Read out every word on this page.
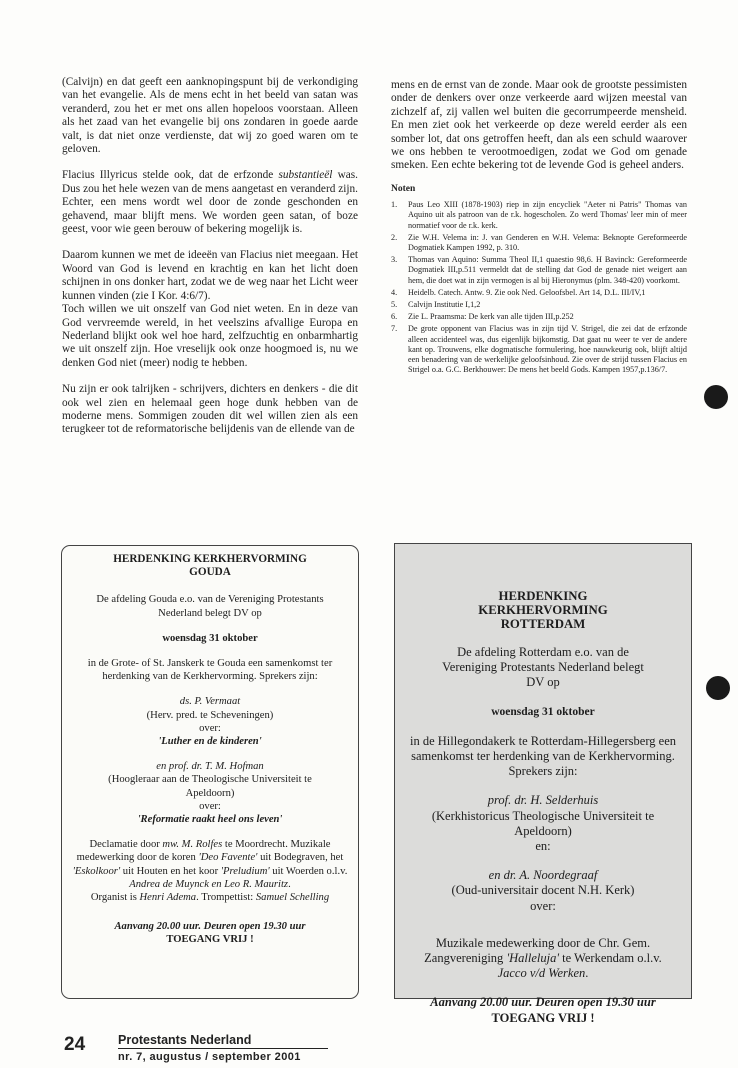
(Calvijn) en dat geeft een aanknopingspunt bij de verkondiging van het evangelie. Als de mens echt in het beeld van satan was veranderd, zou het er met ons allen hopeloos voorstaan. Alleen als het zaad van het evangelie bij ons zondaren in goede aarde valt, is dat niet onze verdienste, dat wij zo goed waren om te geloven.

Flacius Illyricus stelde ook, dat de erfzonde substantieël was. Dus zou het hele wezen van de mens aangetast en veranderd zijn. Echter, een mens wordt wel door de zonde geschonden en gehavend, maar blijft mens. We worden geen satan, of boze geest, voor wie geen berouw of bekering mogelijk is.

Daarom kunnen we met de ideeën van Flacius niet meegaan. Het Woord van God is levend en krachtig en kan het licht doen schijnen in ons donker hart, zodat we de weg naar het Licht weer kunnen vinden (zie I Kor. 4:6/7).

Toch willen we uit onszelf van God niet weten. En in deze van God vervreemde wereld, in het veelszins afvallige Europa en Nederland blijkt ook wel hoe hard, zelfzuchtig en onbarmhartig we uit onszelf zijn. Hoe vreselijk ook onze hoogmoed is, nu we denken God niet (meer) nodig te hebben.

Nu zijn er ook talrijken - schrijvers, dichters en denkers - die dit ook wel zien en helemaal geen hoge dunk hebben van de moderne mens. Sommigen zouden dit wel willen zien als een terugkeer tot de reformatorische belijdenis van de ellende van de

mens en de ernst van de zonde. Maar ook de grootste pessimisten onder de denkers over onze verkeerde aard wijzen meestal van zichzelf af, zij vallen wel buiten die gecorrumpeerde mensheid. En men ziet ook het verkeerde op deze wereld eerder als een somber lot, dat ons getroffen heeft, dan als een schuld waarover we ons hebben te verootmoedigen, zodat we God om genade smeken. Een echte bekering tot de levende God is geheel anders.

Noten
1.	Paus Leo XIII (1878-1903) riep in zijn encycliek "Aeter ni Patris" Thomas van Aquino uit als patroon van de r.k. hogescholen. Zo werd Thomas' leer min of meer normatief voor de r.k. kerk.
2.	Zie W.H. Velema in: J. van Genderen en W.H. Velema: Beknopte Gereformeerde Dogmatiek Kampen 1992, p. 310.
3.	Thomas van Aquino: Summa Theol II,1 quaestio 98,6. H Bavinck: Gereformeerde Dogmatiek III,p.511 vermeldt dat de stelling dat God de genade niet weigert aan hem, die doet wat in zijn vermogen is al bij Hieronymus (plm. 348-420) voorkomt.
4.	Heidelb. Catech. Antw. 9. Zie ook Ned. Geloofsbel. Art 14, D.L. III/IV,1
5.	Calvijn Institutie I,1,2
6.	Zie L. Praamsma: De kerk van alle tijden III,p.252
7.	De grote opponent van Flacius was in zijn tijd V. Strigel, die zei dat de erfzonde alleen accidenteel was, dus eigenlijk bijkomstig. Dat gaat nu weer te ver de andere kant op. Trouwens, elke dogmatische formulering, hoe nauwkeurig ook, blijft altijd een benadering van de werkelijke geloofsinhoud. Zie over de strijd tussen Flacius en Strigel o.a. G.C. Berkhouwer: De mens het beeld Gods. Kampen 1957,p.136/7.
HERDENKING KERKHERVORMING
GOUDA
De afdeling Gouda e.o. van de Vereniging Protestants Nederland belegt DV op
woensdag 31 oktober
in de Grote- of St. Janskerk te Gouda een samenkomst ter herdenking van de Kerkhervorming. Sprekers zijn:
ds. P. Vermaat
(Herv. pred. te Scheveningen)
over:
'Luther en de kinderen'
en prof. dr. T. M. Hofman
(Hoogleraar aan de Theologische Universiteit te Apeldoorn)
over:
'Reformatie raakt heel ons leven'
Declamatie door mw. M. Rolfes te Moordrecht. Muzikale medewerking door de koren 'Deo Favente' uit Bodegraven, het 'Eskolkoor' uit Houten en het koor 'Preludium' uit Woerden o.l.v. Andrea de Muynck en Leo R. Mauritz.
Organist is Henri Adema. Trompettist: Samuel Schelling
Aanvang 20.00 uur. Deuren open 19.30 uur
TOEGANG VRIJ !
HERDENKING
KERKHERVORMING
ROTTERDAM
De afdeling Rotterdam e.o. van de Vereniging Protestants Nederland belegt DV op
woensdag 31 oktober
in de Hillegondakerk te Rotterdam-Hillegersberg een samenkomst ter herdenking van de Kerkhervorming. Sprekers zijn:
prof. dr. H. Selderhuis
(Kerkhistoricus Theologische Universiteit te Apeldoorn)
en:
en dr. A. Noordegraaf
(Oud-universitair docent N.H. Kerk)
over:
Muzikale medewerking door de Chr. Gem. Zangvereniging 'Halleluja' te Werkendam o.l.v. Jacco v/d Werken.
Aanvang 20.00 uur. Deuren open 19.30 uur
TOEGANG VRIJ !
24	Protestants Nederland
nr. 7, augustus / september 2001
